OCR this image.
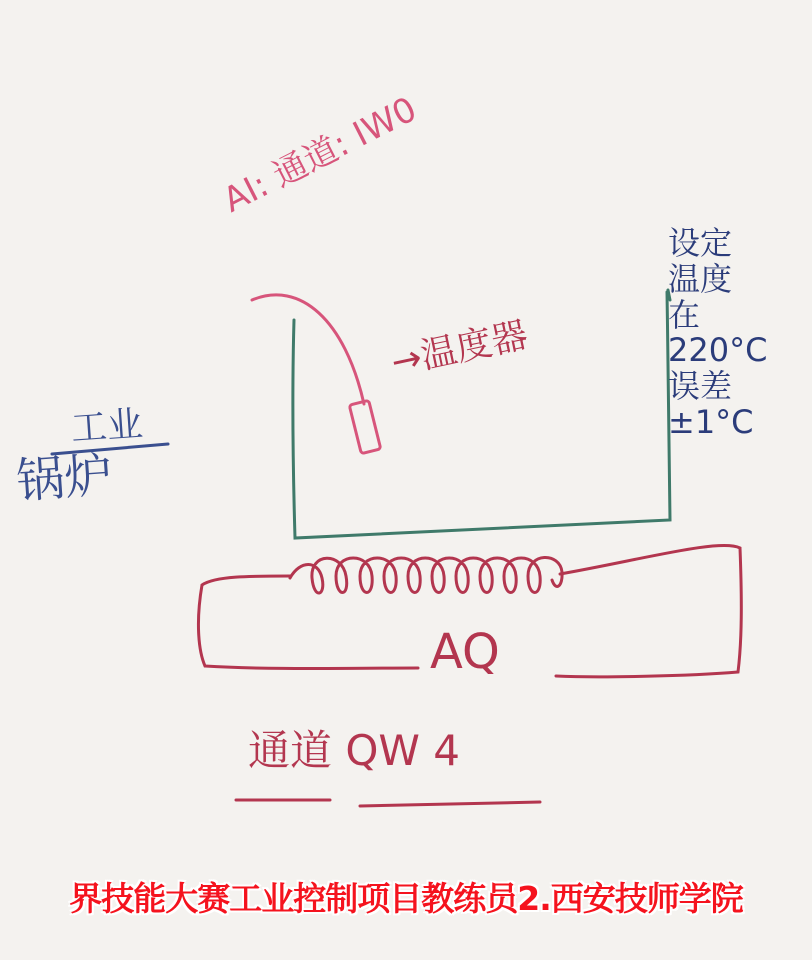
AI: 通道: IW0

→温度器

工业
锅炉

AQ

通道 QW 4

设定
温度
在
220°C
误差±1°C
界技能大赛工业控制项目教练员2.西安技师学院
